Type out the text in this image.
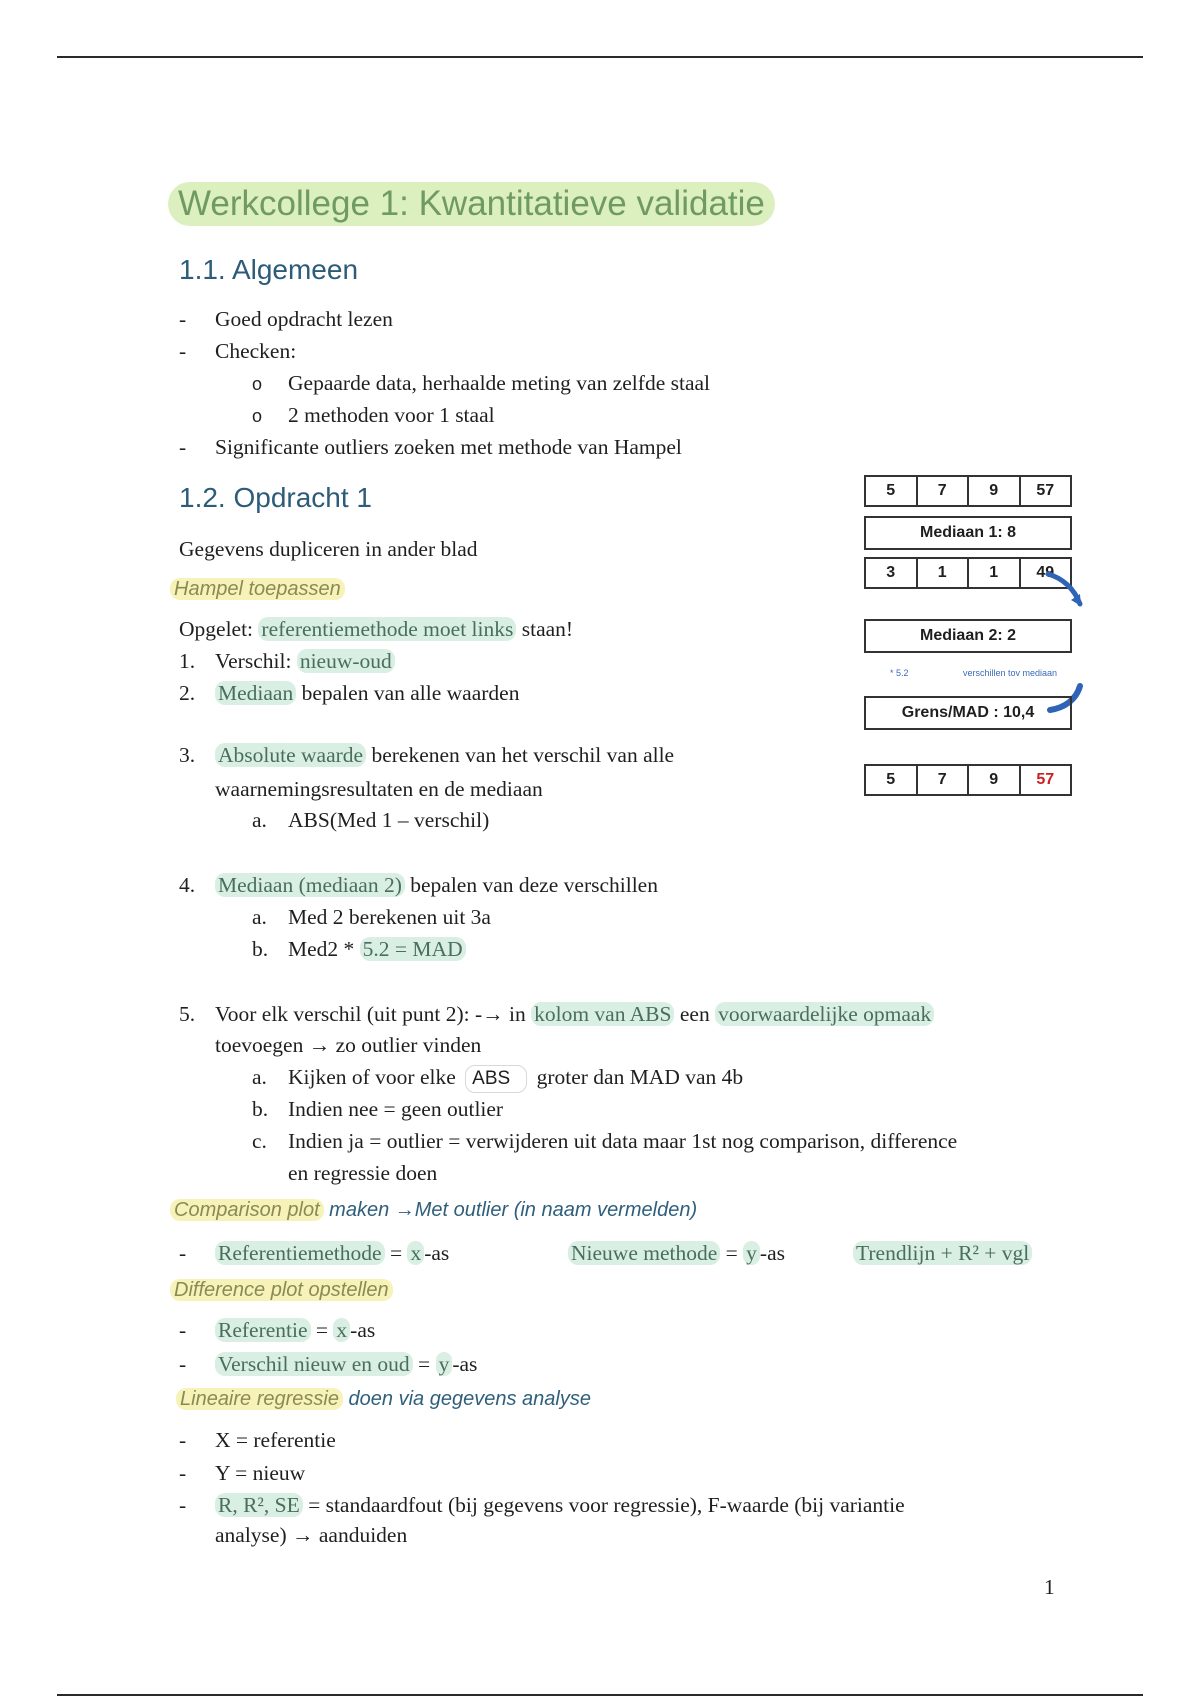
Werkcollege 1: Kwantitatieve validatie
1.1. Algemeen
- Goed opdracht lezen
- Checken:
o Gepaarde data, herhaalde meting van zelfde staal
o 2 methoden voor 1 staal
- Significante outliers zoeken met methode van Hampel
1.2. Opdracht 1
Gegevens dupliceren in ander blad
Hampel toepassen
Opgelet: referentiemethode moet links staan!
1. Verschil: nieuw-oud
2. Mediaan bepalen van alle waarden
3. Absolute waarde berekenen van het verschil van alle
waarnemingsresultaten en de mediaan
a. ABS(Med 1 – verschil)
4. Mediaan (mediaan 2) bepalen van deze verschillen
a. Med 2 berekenen uit 3a
b. Med2 * 5.2 = MAD
5. Voor elk verschil (uit punt 2): -→ in kolom van ABS een voorwaardelijke opmaak
toevoegen → zo outlier vinden
a. Kijken of voor elke ABS groter dan MAD van 4b
b. Indien nee = geen outlier
c. Indien ja = outlier = verwijderen uit data maar 1st nog comparison, difference
en regressie doen
Comparison plot maken →Met outlier (in naam vermelden)
- Referentiemethode = x -as	Nieuwe methode = y -as	Trendlijn + R² + vgl
Difference plot opstellen
- Referentie = x -as
- Verschil nieuw en oud = y -as
Lineaire regressie doen via gegevens analyse
- X = referentie
- Y = nieuw
- R, R², SE = standaardfout (bij gegevens voor regressie), F-waarde (bij variantie
analyse) → aanduiden
5	7	9	57
Mediaan 1: 8
3	1	1	49
Mediaan 2: 2
* 5.2	verschillen tov mediaan
Grens/MAD : 10,4
5	7	9	57
1
